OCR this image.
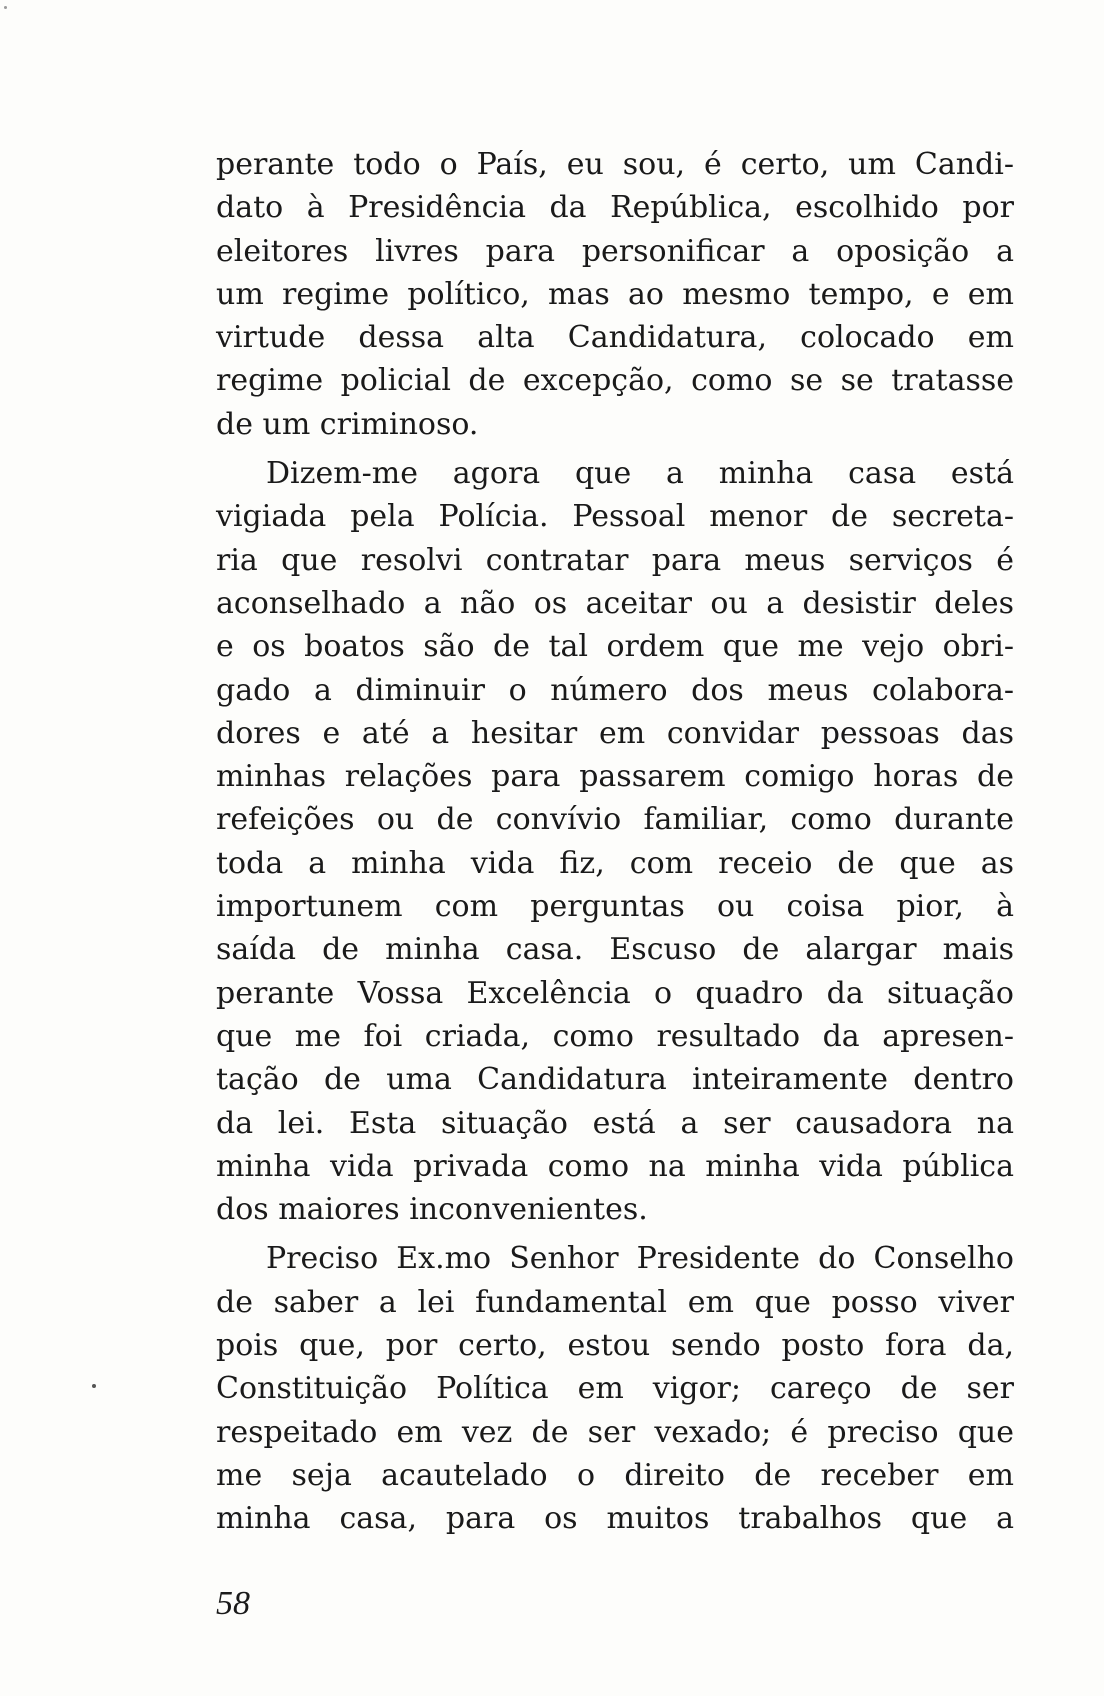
perante todo o País, eu sou, é certo, um Candi-
dato à Presidência da República, escolhido por
eleitores livres para personificar a oposição a
um regime político, mas ao mesmo tempo, e em
virtude dessa alta Candidatura, colocado em
regime policial de excepção, como se se tratasse
de um criminoso.
Dizem-me agora que a minha casa está
vigiada pela Polícia. Pessoal menor de secreta-
ria que resolvi contratar para meus serviços é
aconselhado a não os aceitar ou a desistir deles
e os boatos são de tal ordem que me vejo obri-
gado a diminuir o número dos meus colabora-
dores e até a hesitar em convidar pessoas das
minhas relações para passarem comigo horas de
refeições ou de convívio familiar, como durante
toda a minha vida fiz, com receio de que as
importunem com perguntas ou coisa pior, à
saída de minha casa. Escuso de alargar mais
perante Vossa Excelência o quadro da situação
que me foi criada, como resultado da apresen-
tação de uma Candidatura inteiramente dentro
da lei. Esta situação está a ser causadora na
minha vida privada como na minha vida pública
dos maiores inconvenientes.
Preciso Ex.mo Senhor Presidente do Conselho
de saber a lei fundamental em que posso viver
pois que, por certo, estou sendo posto fora da,
Constituição Política em vigor; careço de ser
respeitado em vez de ser vexado; é preciso que
me seja acautelado o direito de receber em
minha casa, para os muitos trabalhos que a
58
